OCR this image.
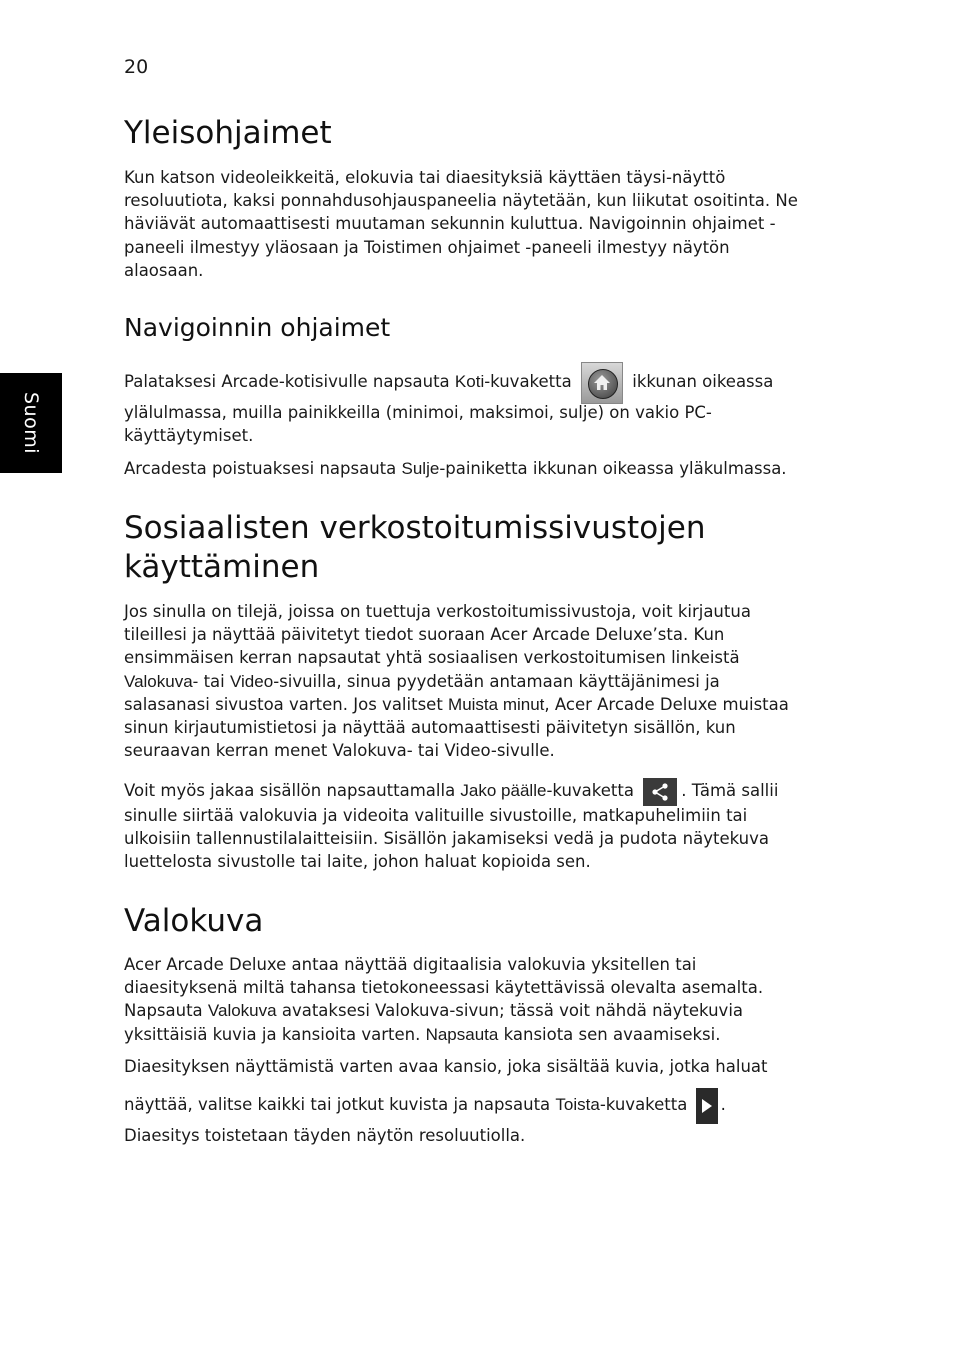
20
Suomi
Yleisohjaimet

Kun katson videoleikkeitä, elokuvia tai diaesityksiä käyttäen täysi-näyttö resoluutiota, kaksi ponnahdusohjauspaneelia näytetään, kun liikutat osoitinta. Ne häviävät automaattisesti muutaman sekunnin kuluttua. Navigoinnin ohjaimet -paneeli ilmestyy yläosaan ja Toistimen ohjaimet -paneeli ilmestyy näytön alaosaan.

Navigoinnin ohjaimet
Palataksesi Arcade-kotisivulle napsauta Koti-kuvaketta	ikkunan oikeassa

ylälulmassa, muilla painikkeilla (minimoi, maksimoi, sulje) on vakio PC-käyttäytymiset.

Arcadesta poistuaksesi napsauta Sulje-painiketta ikkunan oikeassa yläkulmassa.

Sosiaalisten verkostoitumissivustojen käyttäminen

Jos sinulla on tilejä, joissa on tuettuja verkostoitumissivustoja, voit kirjautua tileillesi ja näyttää päivitetyt tiedot suoraan Acer Arcade Deluxe’sta. Kun ensimmäisen kerran napsautat yhtä sosiaalisen verkostoitumisen linkeistä Valokuva- tai Video-sivuilla, sinua pyydetään antamaan käyttäjänimesi ja salasanasi sivustoa varten. Jos valitset Muista minut, Acer Arcade Deluxe muistaa sinun kirjautumistietosi ja näyttää automaattisesti päivitetyn sisällön, kun seuraavan kerran menet Valokuva- tai Video-sivulle.

Voit myös jakaa sisällön napsauttamalla Jako päälle-kuvaketta	. Tämä sallii

sinulle siirtää valokuvia ja videoita valituille sivustoille, matkapuhelimiin tai ulkoisiin tallennustilalaitteisiin. Sisällön jakamiseksi vedä ja pudota näytekuva luettelosta sivustolle tai laite, johon haluat kopioida sen.

Valokuva

Acer Arcade Deluxe antaa näyttää digitaalisia valokuvia yksitellen tai diaesityksenä miltä tahansa tietokoneessasi käytettävissä olevalta asemalta. Napsauta Valokuva avataksesi Valokuva-sivun; tässä voit nähdä näytekuvia yksittäisiä kuvia ja kansioita varten. Napsauta kansiota sen avaamiseksi.

Diaesityksen näyttämistä varten avaa kansio, joka sisältää kuvia, jotka haluat
näyttää, valitse kaikki tai jotkut kuvista ja napsauta Toista-kuvaketta .
Diaesitys toistetaan täyden näytön resoluutiolla.
